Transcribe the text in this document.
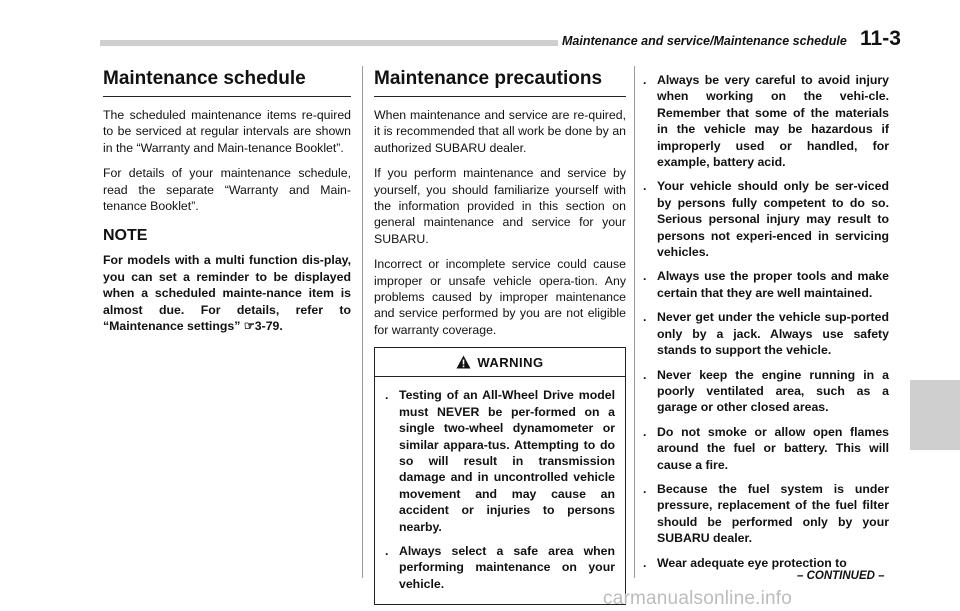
Maintenance and service/Maintenance schedule 11-3
Maintenance schedule

The scheduled maintenance items re-quired to be serviced at regular intervals are shown in the “Warranty and Main-tenance Booklet”.

For details of your maintenance schedule, read the separate “Warranty and Main-tenance Booklet”.

NOTE
For models with a multi function dis-play, you can set a reminder to be displayed when a scheduled mainte-nance item is almost due. For details, refer to “Maintenance settings” ☞3-79.
Maintenance precautions

When maintenance and service are re-quired, it is recommended that all work be done by an authorized SUBARU dealer.

If you perform maintenance and service by yourself, you should familiarize yourself with the information provided in this section on general maintenance and service for your SUBARU.

Incorrect or incomplete service could cause improper or unsafe vehicle opera-tion. Any problems caused by improper maintenance and service performed by you are not eligible for warranty coverage.

WARNING
. Testing of an All-Wheel Drive model must NEVER be per-formed on a single two-wheel dynamometer or similar appara-tus. Attempting to do so will result in transmission damage and in uncontrolled vehicle movement and may cause an accident or injuries to persons nearby.
. Always select a safe area when performing maintenance on your vehicle.
. Always be very careful to avoid injury when working on the vehi-cle. Remember that some of the materials in the vehicle may be hazardous if improperly used or handled, for example, battery acid.
. Your vehicle should only be ser-viced by persons fully competent to do so. Serious personal injury may result to persons not experi-enced in servicing vehicles.
. Always use the proper tools and make certain that they are well maintained.
. Never get under the vehicle sup-ported only by a jack. Always use safety stands to support the vehicle.
. Never keep the engine running in a poorly ventilated area, such as a garage or other closed areas.
. Do not smoke or allow open flames around the fuel or battery. This will cause a fire.
. Because the fuel system is under pressure, replacement of the fuel filter should be performed only by your SUBARU dealer.
. Wear adequate eye protection to
– CONTINUED –
carmanualsonline.info
